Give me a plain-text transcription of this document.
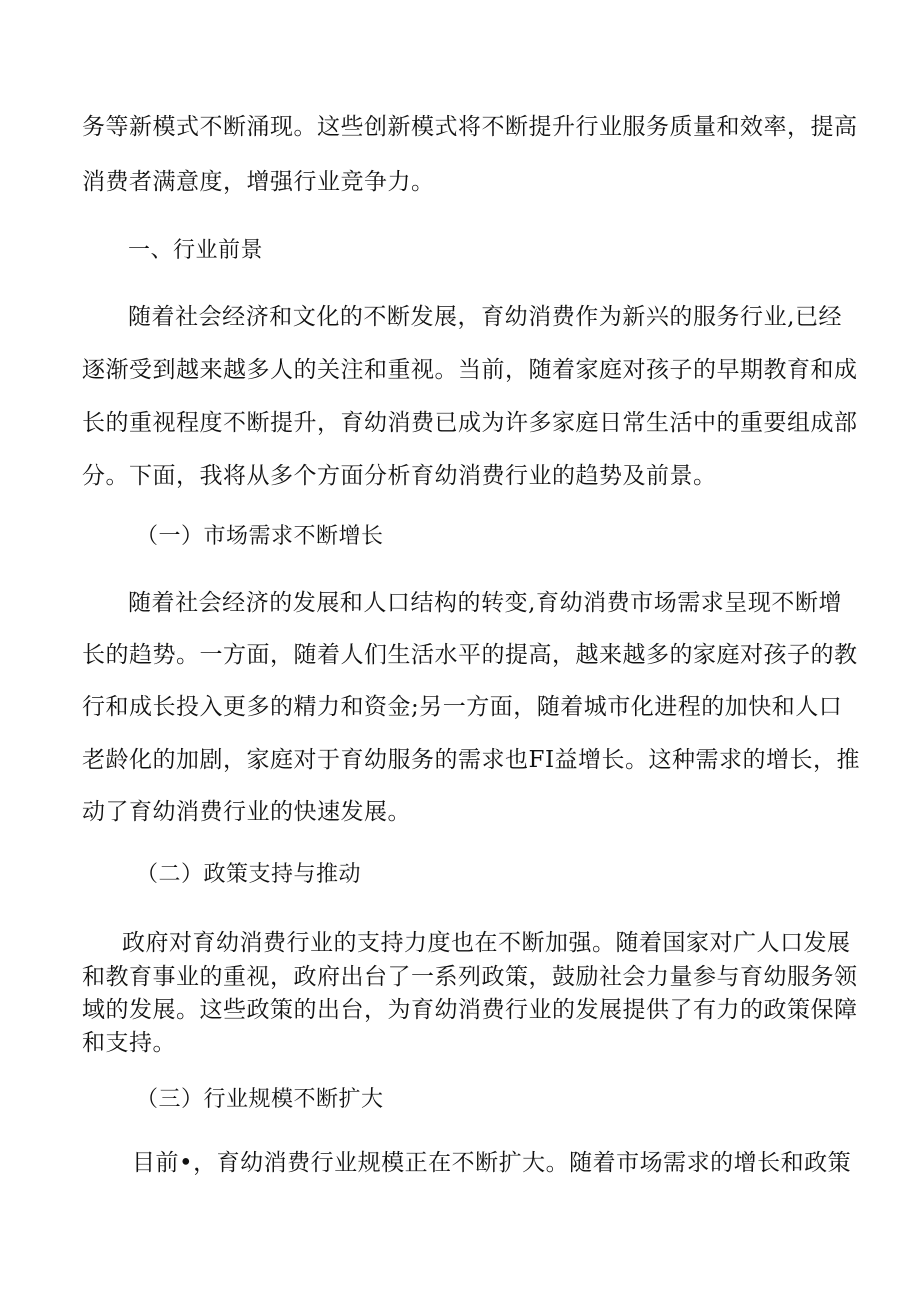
务等新模式不断涌现。这些创新模式将不断提升行业服务质量和效率，提高
消费者满意度，增强行业竞争力。
一、行业前景
随着社会经济和文化的不断发展，育幼消费作为新兴的服务行业,已经
逐渐受到越来越多人的关注和重视。当前，随着家庭对孩子的早期教育和成
长的重视程度不断提升，育幼消费已成为许多家庭日常生活中的重要组成部
分。下面，我将从多个方面分析育幼消费行业的趋势及前景。
（一）市场需求不断增长
随着社会经济的发展和人口结构的转变,育幼消费市场需求呈现不断增
长的趋势。一方面，随着人们生活水平的提高，越来越多的家庭对孩子的教
行和成长投入更多的精力和资金;另一方面，随着城市化进程的加快和人口
老龄化的加剧，家庭对于育幼服务的需求也FI益增长。这种需求的增长，推
动了育幼消费行业的快速发展。
（二）政策支持与推动
政府对育幼消费行业的支持力度也在不断加强。随着国家对广人口发展
和教育事业的重视，政府出台了一系列政策，鼓励社会力量参与育幼服务领
域的发展。这些政策的出台，为育幼消费行业的发展提供了有力的政策保障
和支持。
（三）行业规模不断扩大
目前•，育幼消费行业规模正在不断扩大。随着市场需求的增长和政策
